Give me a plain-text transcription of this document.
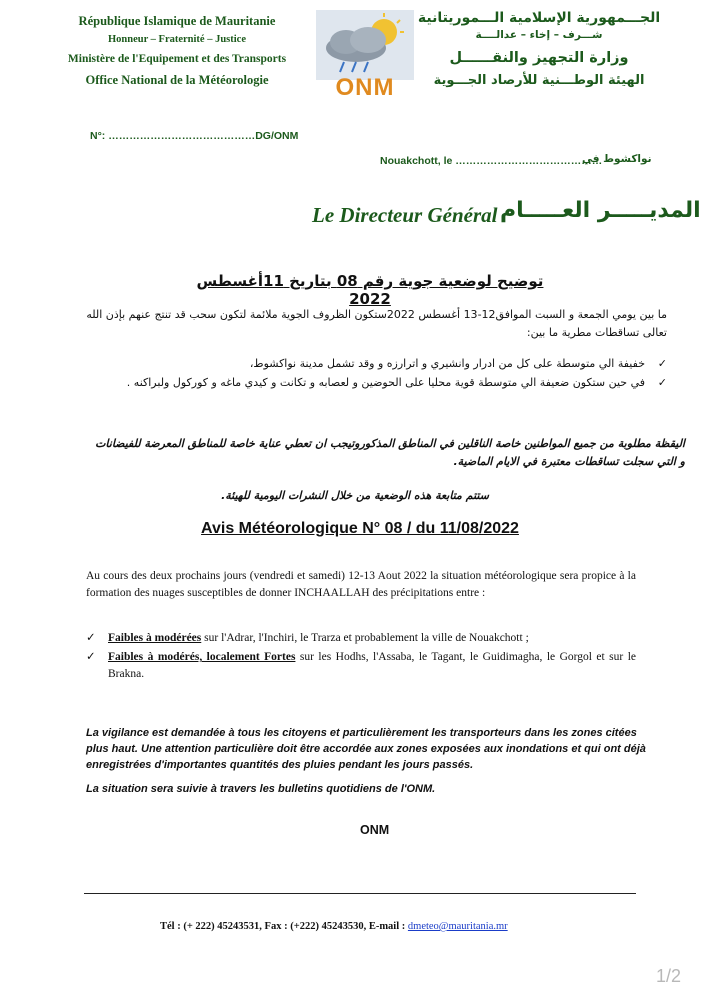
République Islamique de Mauritanie
Honneur – Fraternité – Justice
Ministère de l'Equipement et des Transports
Office National de la Météorologie	ONM
الجـــمهورية الإسلامية الـــموريتانية
شـــرف – إخاء – عدالــــة
وزارة التجهيز والنقــــــل
الهيئة الوطـــنية للأرصاد الجـــوية
N°: ……………………………………DG/ONM
Nouakchott, le ……………………………………
نواكشوط في
Le Directeur Général المديـــــر العـــــام
توضيح لوضعية جوية رقم 08 بتاريخ 11أغسطس 2022
ما بين يومي الجمعة و السبت الموافق12-13 أغسطس 2022ستكون الظروف الجوية ملائمة لتكون سحب قد تنتج عنهم بإذن الله تعالى تساقطات مطرية ما بين:
✓
خفيفة الي متوسطة على كل من ادرار وانشيري و اترارزه و وقد تشمل مدينة نواكشوط،
✓
في حين ستكون ضعيفة الي متوسطة قوية محليا على الحوضين و لعصابه و تكانت و كيدي ماغه و كوركول ولبراكنه .
اليقظة مطلوبة من جميع المواطنين خاصة الناقلين في المناطق المذكوروتيجب ان تعطي عناية خاصة للمناطق المعرضة للفيضانات و التي سجلت تساقطات معتبرة في الايام الماضية.
ستتم متابعة هذه الوضعية من خلال النشرات اليومية للهيئة.
Avis Météorologique N° 08 / du 11/08/2022
Au cours des deux prochains jours (vendredi et samedi) 12-13 Aout 2022 la situation météorologique sera propice à la formation des nuages susceptibles de donner INCHAALLAH des précipitations entre :
✓ Faibles à modérées sur l'Adrar, l'Inchiri, le Trarza et probablement la ville de Nouakchott ;
✓ Faibles à modérés, localement Fortes sur les Hodhs, l'Assaba, le Tagant, le Guidimagha, le Gorgol et sur le Brakna.
La vigilance est demandée à tous les citoyens et particulièrement les transporteurs dans les zones citées plus haut. Une attention particulière doit être accordée aux zones exposées aux inondations et qui ont déjà enregistrées d'importantes quantités des pluies pendant les jours passés.
La situation sera suivie à travers les bulletins quotidiens de l'ONM.
ONM
Tél : (+ 222) 45243531, Fax : (+222) 45243530, E-mail : dmeteo@mauritania.mr
1/2
